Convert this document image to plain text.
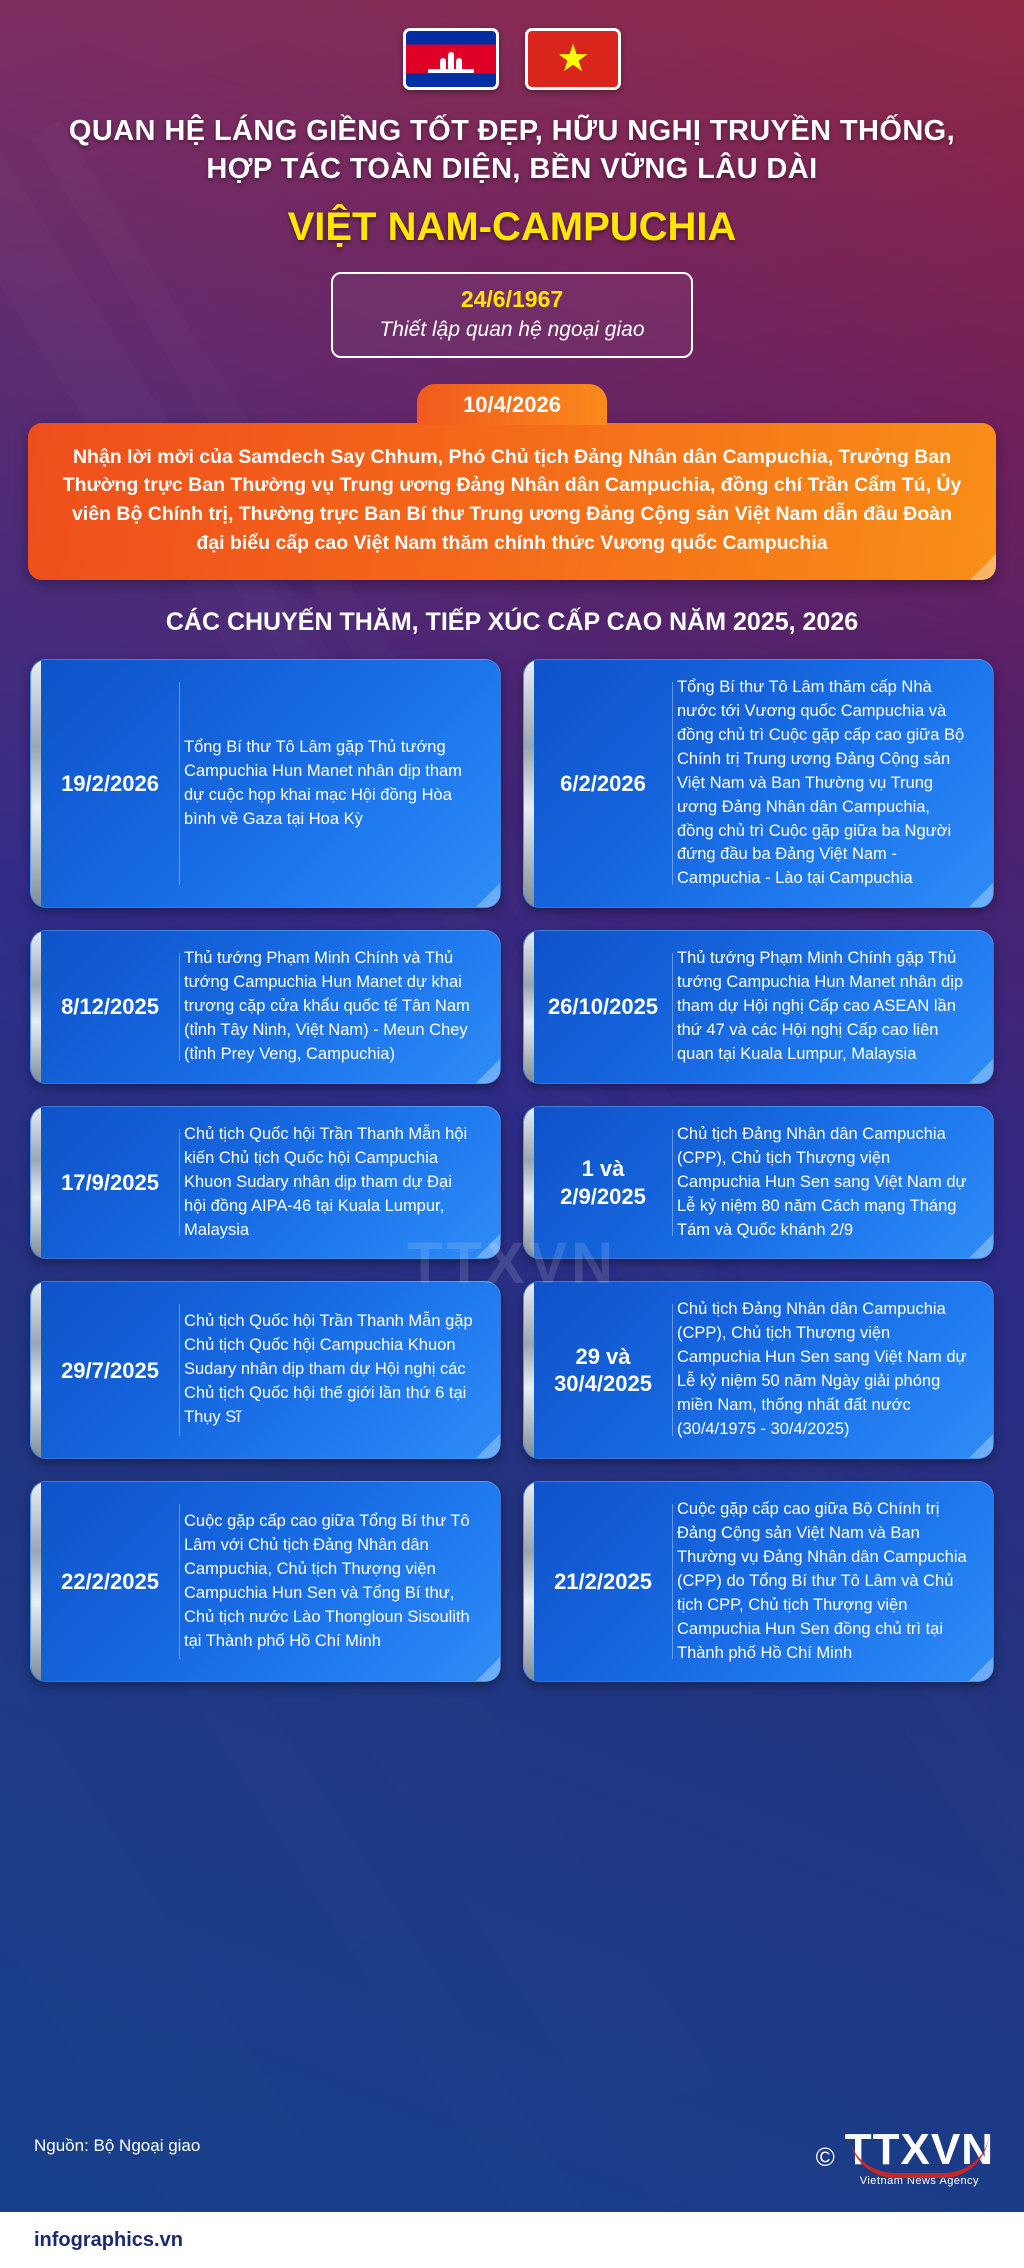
TTXVN
★
QUAN HỆ LÁNG GIỀNG TỐT ĐẸP, HỮU NGHỊ TRUYỀN THỐNG,
HỢP TÁC TOÀN DIỆN, BỀN VỮNG LÂU DÀI
VIỆT NAM-CAMPUCHIA
24/6/1967
Thiết lập quan hệ ngoại giao
10/4/2026
Nhận lời mời của Samdech Say Chhum, Phó Chủ tịch Đảng Nhân dân Campuchia, Trưởng Ban Thường trực Ban Thường vụ Trung ương Đảng Nhân dân Campuchia, đồng chí Trần Cẩm Tú, Ủy viên Bộ Chính trị, Thường trực Ban Bí thư Trung ương Đảng Cộng sản Việt Nam dẫn đầu Đoàn đại biểu cấp cao Việt Nam thăm chính thức Vương quốc Campuchia
CÁC CHUYẾN THĂM, TIẾP XÚC CẤP CAO NĂM 2025, 2026
19/2/2026
Tổng Bí thư Tô Lâm gặp Thủ tướng Campuchia Hun Manet nhân dịp tham dự cuộc họp khai mạc Hội đồng Hòa bình về Gaza tại Hoa Kỳ
6/2/2026
Tổng Bí thư Tô Lâm thăm cấp Nhà nước tới Vương quốc Campuchia và đồng chủ trì Cuộc gặp cấp cao giữa Bộ Chính trị Trung ương Đảng Cộng sản Việt Nam và Ban Thường vụ Trung ương Đảng Nhân dân Campuchia, đồng chủ trì Cuộc gặp giữa ba Người đứng đầu ba Đảng Việt Nam - Campuchia - Lào tại Campuchia
8/12/2025
Thủ tướng Phạm Minh Chính và Thủ tướng Campuchia Hun Manet dự khai trương cặp cửa khẩu quốc tế Tân Nam (tỉnh Tây Ninh, Việt Nam) - Meun Chey (tỉnh Prey Veng, Campuchia)
26/10/2025
Thủ tướng Phạm Minh Chính gặp Thủ tướng Campuchia Hun Manet nhân dịp tham dự Hội nghị Cấp cao ASEAN lần thứ 47 và các Hội nghị Cấp cao liên quan tại Kuala Lumpur, Malaysia
17/9/2025
Chủ tịch Quốc hội Trần Thanh Mẫn hội kiến Chủ tịch Quốc hội Campuchia Khuon Sudary nhân dịp tham dự Đại hội đồng AIPA-46 tại Kuala Lumpur, Malaysia
1 và 2/9/2025
Chủ tịch Đảng Nhân dân Campuchia (CPP), Chủ tịch Thượng viện Campuchia Hun Sen sang Việt Nam dự Lễ kỷ niệm 80 năm Cách mạng Tháng Tám và Quốc khánh 2/9
29/7/2025
Chủ tịch Quốc hội Trần Thanh Mẫn gặp Chủ tịch Quốc hội Campuchia Khuon Sudary nhân dịp tham dự Hội nghị các Chủ tịch Quốc hội thế giới lần thứ 6 tại Thụy Sĩ
29 và 30/4/2025
Chủ tịch Đảng Nhân dân Campuchia (CPP), Chủ tịch Thượng viện Campuchia Hun Sen sang Việt Nam dự Lễ kỷ niệm 50 năm Ngày giải phóng miền Nam, thống nhất đất nước (30/4/1975 - 30/4/2025)
22/2/2025
Cuộc gặp cấp cao giữa Tổng Bí thư Tô Lâm với Chủ tịch Đảng Nhân dân Campuchia, Chủ tịch Thượng viện Campuchia Hun Sen và Tổng Bí thư, Chủ tịch nước Lào Thongloun Sisoulith tại Thành phố Hồ Chí Minh
21/2/2025
Cuộc gặp cấp cao giữa Bộ Chính trị Đảng Cộng sản Việt Nam và Ban Thường vụ Đảng Nhân dân Campuchia (CPP) do Tổng Bí thư Tô Lâm và Chủ tịch CPP, Chủ tịch Thượng viện Campuchia Hun Sen đồng chủ trì tại Thành phố Hồ Chí Minh
Nguồn: Bộ Ngoại giao	© TTXVN
Vietnam News Agency
infographics.vn
